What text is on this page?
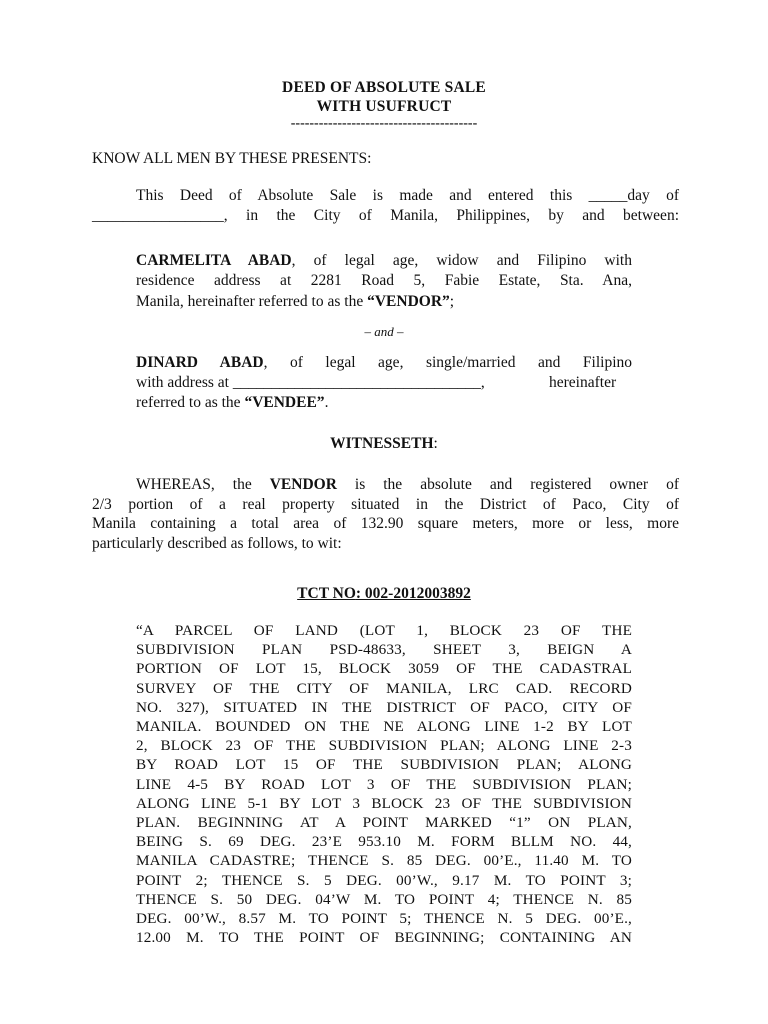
DEED OF ABSOLUTE SALE
WITH USUFRUCT
----------------------------------------
KNOW ALL MEN BY THESE PRESENTS:
This Deed of Absolute Sale is made and entered this _____day of
_________________, in the City of Manila, Philippines, by and between:
CARMELITA ABAD, of legal age, widow and Filipino with
residence address at 2281 Road 5, Fabie Estate, Sta. Ana,
Manila, hereinafter referred to as the “VENDOR”;
– and –
DINARD ABAD, of legal age, single/married and Filipino
with address at ________________________________,	hereinafter
referred to as the “VENDEE”.
WITNESSETH:
WHEREAS, the VENDOR is the absolute and registered owner of
2/3 portion of a real property situated in the District of Paco, City of
Manila containing a total area of 132.90 square meters, more or less, more
particularly described as follows, to wit:
TCT NO: 002-2012003892
“A PARCEL OF LAND (LOT 1, BLOCK 23 OF THE
SUBDIVISION PLAN PSD-48633, SHEET 3, BEIGN A
PORTION OF LOT 15, BLOCK 3059 OF THE CADASTRAL
SURVEY OF THE CITY OF MANILA, LRC CAD. RECORD
NO. 327), SITUATED IN THE DISTRICT OF PACO, CITY OF
MANILA. BOUNDED ON THE NE ALONG LINE 1-2 BY LOT
2, BLOCK 23 OF THE SUBDIVISION PLAN; ALONG LINE 2-3
BY ROAD LOT 15 OF THE SUBDIVISION PLAN; ALONG
LINE 4-5 BY ROAD LOT 3 OF THE SUBDIVISION PLAN;
ALONG LINE 5-1 BY LOT 3 BLOCK 23 OF THE SUBDIVISION
PLAN. BEGINNING AT A POINT MARKED “1” ON PLAN,
BEING S. 69 DEG. 23’E 953.10 M. FORM BLLM NO. 44,
MANILA CADASTRE; THENCE S. 85 DEG. 00’E., 11.40 M. TO
POINT 2; THENCE S. 5 DEG. 00’W., 9.17 M. TO POINT 3;
THENCE S. 50 DEG. 04’W M. TO POINT 4; THENCE N. 85
DEG. 00’W., 8.57 M. TO POINT 5; THENCE N. 5 DEG. 00’E.,
12.00 M. TO THE POINT OF BEGINNING; CONTAINING AN
